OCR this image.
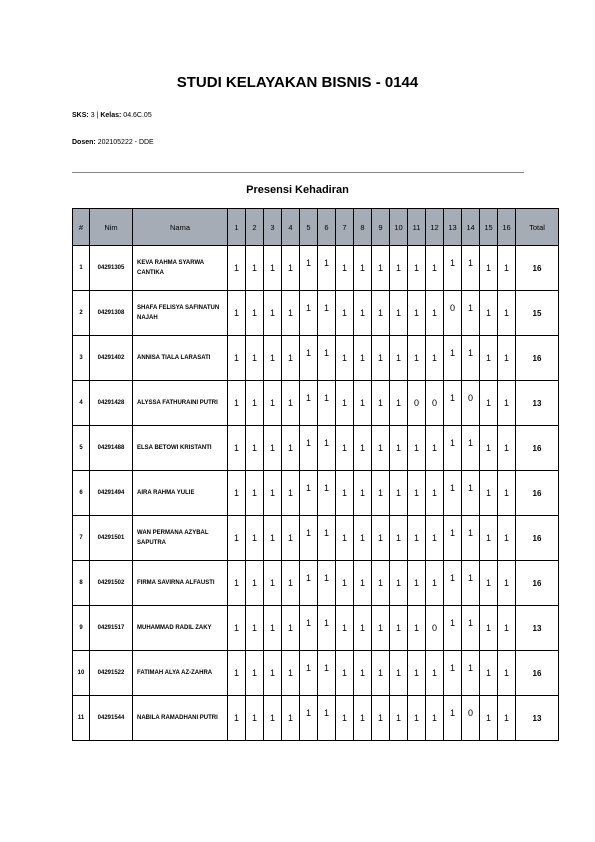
STUDI KELAYAKAN BISNIS - 0144
SKS: 3 | Kelas: 04.6C.05
Dosen: 202105222 - DDE
Presensi Kehadiran
#	Nim	Nama	1	2	3	4	5	6	7	8	9	10	11	12	13	14	15	16	Total
1	04291305	KEVA RAHMA SYARWA CANTIKA	1	1	1	1	1	1	1	1	1	1	1	1	1	1	1	1	16
2	04291308	SHAFA FELISYA SAFINATUN NAJAH	1	1	1	1	1	1	1	1	1	1	1	1	0	1	1	1	15
3	04291402	ANNISA TIALA LARASATI	1	1	1	1	1	1	1	1	1	1	1	1	1	1	1	1	16
4	04291428	ALYSSA FATHURAINI PUTRI	1	1	1	1	1	1	1	1	1	1	0	0	1	0	1	1	13
5	04291488	ELSA BETOWI KRISTANTI	1	1	1	1	1	1	1	1	1	1	1	1	1	1	1	1	16
6	04291494	AIRA RAHMA YULIE	1	1	1	1	1	1	1	1	1	1	1	1	1	1	1	1	16
7	04291501	WAN PERMANA AZYBAL SAPUTRA	1	1	1	1	1	1	1	1	1	1	1	1	1	1	1	1	16
8	04291502	FIRMA SAVIRNA ALFAUSTI	1	1	1	1	1	1	1	1	1	1	1	1	1	1	1	1	16
9	04291517	MUHAMMAD RADIL ZAKY	1	1	1	1	1	1	1	1	1	1	1	0	1	1	1	1	13
10	04291522	FATIMAH ALYA AZ-ZAHRA	1	1	1	1	1	1	1	1	1	1	1	1	1	1	1	1	16
11	04291544	NABILA RAMADHANI PUTRI	1	1	1	1	1	1	1	1	1	1	1	1	1	0	1	1	13
